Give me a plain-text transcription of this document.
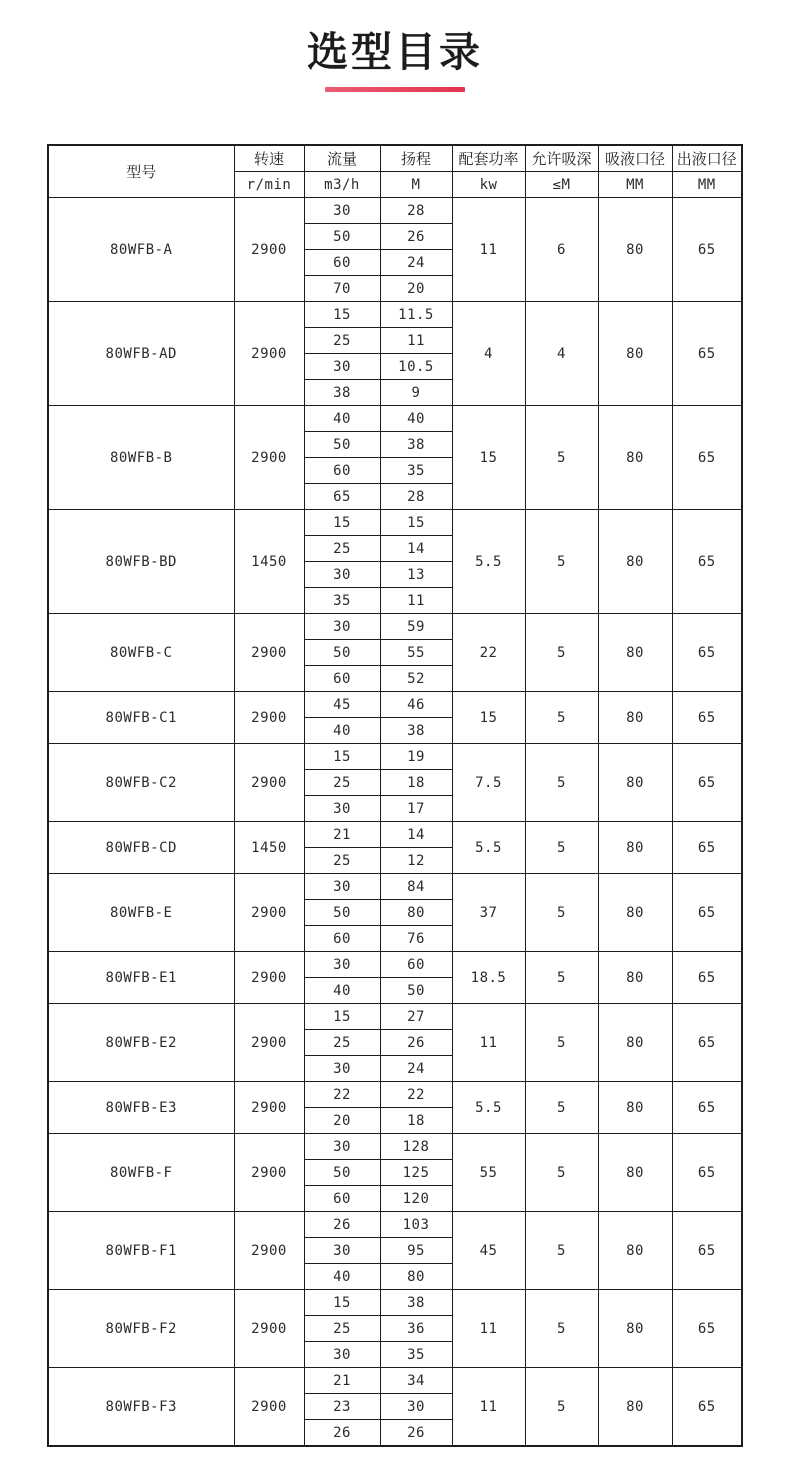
选型目录
型号	转速	流量	扬程	配套功率	允许吸深	吸液口径	出液口径
	r/min	m3/h	M	kw	≤M	MM	MM
80WFB-A	2900	30	28	11	6	80	65
		50	26				
		60	24				
		70	20				
80WFB-AD	2900	15	11.5	4	4	80	65
		25	11				
		30	10.5				
		38	9				
80WFB-B	2900	40	40	15	5	80	65
		50	38				
		60	35				
		65	28				
80WFB-BD	1450	15	15	5.5	5	80	65
		25	14				
		30	13				
		35	11				
80WFB-C	2900	30	59	22	5	80	65
		50	55				
		60	52				
80WFB-C1	2900	45	46	15	5	80	65
		40	38				
80WFB-C2	2900	15	19	7.5	5	80	65
		25	18				
		30	17				
80WFB-CD	1450	21	14	5.5	5	80	65
		25	12				
80WFB-E	2900	30	84	37	5	80	65
		50	80				
		60	76				
80WFB-E1	2900	30	60	18.5	5	80	65
		40	50				
80WFB-E2	2900	15	27	11	5	80	65
		25	26				
		30	24				
80WFB-E3	2900	22	22	5.5	5	80	65
		20	18				
80WFB-F	2900	30	128	55	5	80	65
		50	125				
		60	120				
80WFB-F1	2900	26	103	45	5	80	65
		30	95				
		40	80				
80WFB-F2	2900	15	38	11	5	80	65
		25	36				
		30	35				
80WFB-F3	2900	21	34	11	5	80	65
		23	30				
		26	26				
